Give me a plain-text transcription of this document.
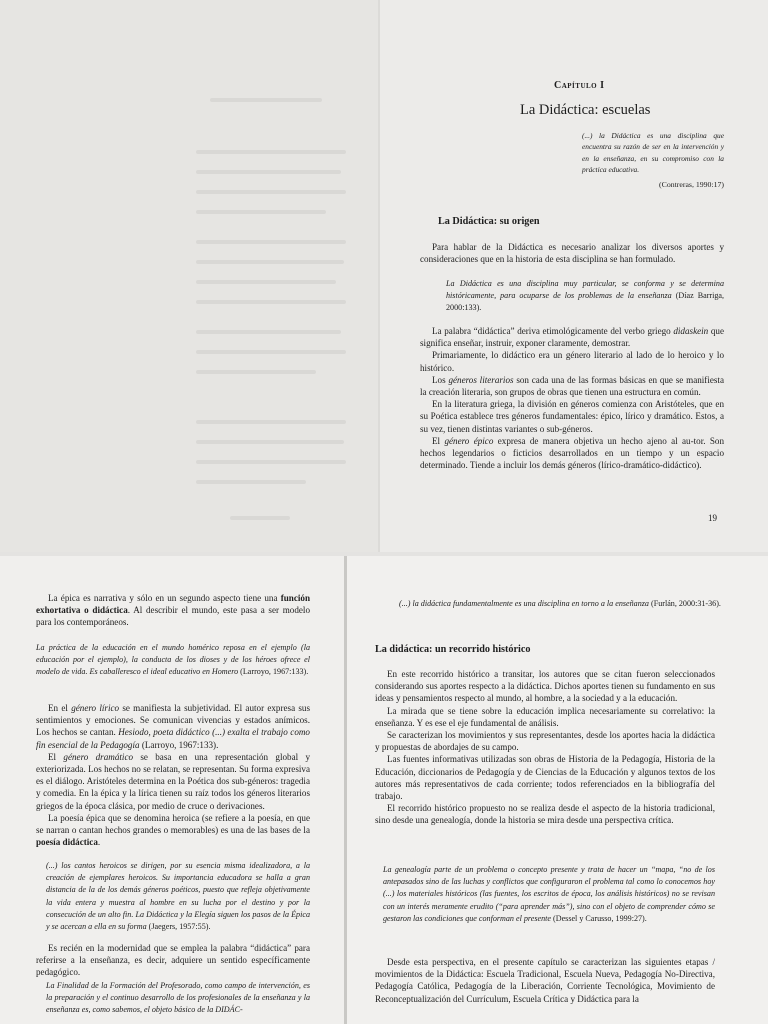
Capítulo I
La Didáctica: escuelas
(...) la Didáctica es una disciplina que encuentra su razón de ser en la intervención y en la enseñanza, en su compromiso con la práctica educativa.
(Contreras, 1990:17)
La Didáctica: su origen

Para hablar de la Didáctica es necesario analizar los diversos aportes y consideraciones que en la historia de esta disciplina se han formulado.

La Didáctica es una disciplina muy particular, se conforma y se determina históricamente, para ocuparse de los problemas de la enseñanza (Díaz Barriga, 2000:133).

La palabra “didáctica” deriva etimológicamente del verbo griego didaskein que significa enseñar, instruir, exponer claramente, demostrar.

Primariamente, lo didáctico era un género literario al lado de lo heroico y lo histórico.

Los géneros literarios son cada una de las formas básicas en que se manifiesta la creación literaria, son grupos de obras que tienen una estructura en común.

En la literatura griega, la división en géneros comienza con Aristóteles, que en su Poética establece tres géneros fundamentales: épico, lírico y dramático. Estos, a su vez, tienen distintas variantes o sub-géneros.

El género épico expresa de manera objetiva un hecho ajeno al au-tor. Son hechos legendarios o ficticios desarrollados en un tiempo y un espacio determinado. Tiende a incluir los demás géneros (lírico-dramático-didáctico).

19

La épica es narrativa y sólo en un segundo aspecto tiene una función exhortativa o didáctica. Al describir el mundo, este pasa a ser modelo para los contemporáneos.

La práctica de la educación en el mundo homérico reposa en el ejemplo (la educación por el ejemplo), la conducta de los dioses y de los héroes ofrece el modelo de vida. Es caballeresco el ideal educativo en Homero (Larroyo, 1967:133).

En el género lírico se manifiesta la subjetividad. El autor expresa sus sentimientos y emociones. Se comunican vivencias y estados anímicos. Los hechos se cantan. Hesiodo, poeta didáctico (...) exalta el trabajo como fin esencial de la Pedagogía (Larroyo, 1967:133).

El género dramático se basa en una representación global y exteriorizada. Los hechos no se relatan, se representan. Su forma expresiva es el diálogo. Aristóteles determina en la Poética dos sub-géneros: tragedia y comedia. En la épica y la lírica tienen su raíz todos los géneros literarios griegos de la época clásica, por medio de cruce o derivaciones.

La poesía épica que se denomina heroica (se refiere a la poesía, en que se narran o cantan hechos grandes o memorables) es una de las bases de la poesía didáctica.

(...) los cantos heroicos se dirigen, por su esencia misma idealizadora, a la creación de ejemplares heroicos. Su importancia educadora se halla a gran distancia de la de los demás géneros poéticos, puesto que refleja objetivamente la vida entera y muestra al hombre en su lucha por el destino y por la consecución de un alto fin. La Didáctica y la Elegía siguen los pasos de la Épica y se acercan a ella en su forma (Jaegers, 1957:55).

Es recién en la modernidad que se emplea la palabra “didáctica” para referirse a la enseñanza, es decir, adquiere un sentido específicamente pedagógico.

La Finalidad de la Formación del Profesorado, como campo de intervención, es la preparación y el continuo desarrollo de los profesionales de la enseñanza y la enseñanza es, como sabemos, el objeto básico de la DIDÁC-
(...) la didáctica fundamentalmente es una disciplina en torno a la enseñanza (Furlán, 2000:31-36).
La didáctica: un recorrido histórico

En este recorrido histórico a transitar, los autores que se citan fueron seleccionados considerando sus aportes respecto a la didáctica. Dichos aportes tienen su fundamento en sus ideas y pensamientos respecto al mundo, al hombre, a la sociedad y a la educación.

La mirada que se tiene sobre la educación implica necesariamente su correlativo: la enseñanza. Y es ese el eje fundamental de análisis.

Se caracterizan los movimientos y sus representantes, desde los aportes hacia la didáctica y propuestas de abordajes de su campo.

Las fuentes informativas utilizadas son obras de Historia de la Pedagogía, Historia de la Educación, diccionarios de Pedagogía y de Ciencias de la Educación y algunos textos de los autores más representativos de cada corriente; todos referenciados en la bibliografía del trabajo.

El recorrido histórico propuesto no se realiza desde el aspecto de la historia tradicional, sino desde una genealogía, donde la historia se mira desde una perspectiva crítica.

La genealogía parte de un problema o concepto presente y trata de hacer un “mapa, “no de los antepasados sino de las luchas y conflictos que configuraron el problema tal como lo conocemos hoy (...) los materiales históricos (las fuentes, los escritos de época, los análisis históricos) no se revisan con un interés meramente erudito (“para aprender más”), sino con el objeto de comprender cómo se gestaron las condiciones que conforman el presente (Dessel y Carusso, 1999:27).

Desde esta perspectiva, en el presente capítulo se caracterizan las siguientes etapas / movimientos de la Didáctica: Escuela Tradicional, Escuela Nueva, Pedagogía No-Directiva, Pedagogía Católica, Pedagogía de la Liberación, Corriente Tecnológica, Movimiento de Reconceptualización del Currículum, Escuela Crítica y Didáctica para la
